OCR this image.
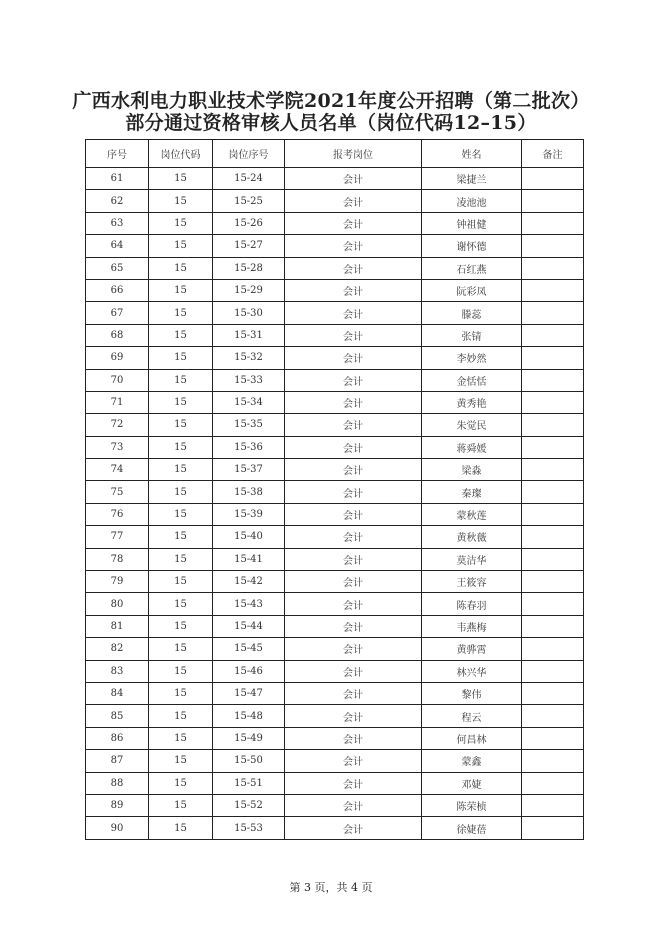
广西水利电力职业技术学院2021年度公开招聘（第二批次）
部分通过资格审核人员名单（岗位代码12–15）
序号	岗位代码	岗位序号	报考岗位	姓名	备注
61	15	15-24	会计	梁捷兰	
62	15	15-25	会计	凌池池	
63	15	15-26	会计	钟祖健	
64	15	15-27	会计	谢怀德	
65	15	15-28	会计	石红燕	
66	15	15-29	会计	阮彩凤	
67	15	15-30	会计	滕蕊	
68	15	15-31	会计	张锖	
69	15	15-32	会计	李妙然	
70	15	15-33	会计	金恬恬	
71	15	15-34	会计	黄秀艳	
72	15	15-35	会计	朱觉民	
73	15	15-36	会计	蒋舜媛	
74	15	15-37	会计	梁淼	
75	15	15-38	会计	秦璨	
76	15	15-39	会计	蒙秋莲	
77	15	15-40	会计	黄秋薇	
78	15	15-41	会计	莫洁华	
79	15	15-42	会计	王筱容	
80	15	15-43	会计	陈春羽	
81	15	15-44	会计	韦燕梅	
82	15	15-45	会计	黄骅霄	
83	15	15-46	会计	林兴华	
84	15	15-47	会计	黎伟	
85	15	15-48	会计	程云	
86	15	15-49	会计	何昌林	
87	15	15-50	会计	蒙鑫	
88	15	15-51	会计	邓婕	
89	15	15-52	会计	陈荣桢	
90	15	15-53	会计	徐婕蓓	
第 3 页，共 4 页
